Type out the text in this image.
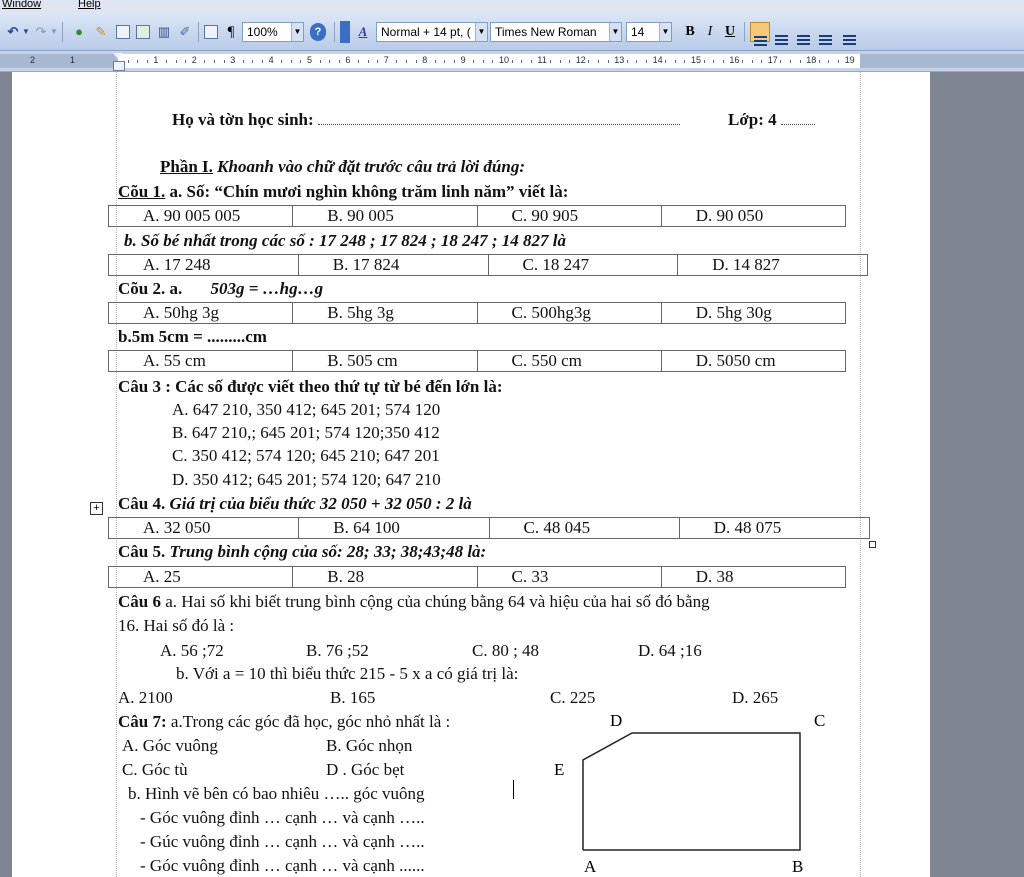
Window	Help
↶ ▼ ↷ ▼	● ✎	▥ ✐ ¶	100%	▼	?	A	Normal + 14 pt, ( ▼ Times New Roman	▼ 14	▼	B I U
2	1	1	2	3	4	5	6	7	8	9	10	11	12	13	14	15	16	17	18	19
Họ và tờn học sinh:	Lớp: 4
Phần I. Khoanh vào chữ đặt trước câu trả lời đúng:
Cõu 1. a. Số: “Chín mươi nghìn không trăm linh năm” viết là:
A. 90 005 005	B. 90 005	C. 90 905	D. 90 050
b. Số bé nhất trong các số : 17 248 ; 17 824 ; 18 247 ; 14 827 là
A. 17 248	B. 17 824	C. 18 247	D. 14 827
Cõu 2. a. 503g = …hg…g
A. 50hg 3g	B. 5hg 3g	C. 500hg3g	D. 5hg 30g
b.5m 5cm = .........cm
A. 55 cm	B. 505 cm	C. 550 cm	D. 5050 cm
Câu 3 : Các số được viết theo thứ tự từ bé đến lớn là:
A. 647 210, 350 412; 645 201; 574 120
B. 647 210,; 645 201; 574 120;350 412
C. 350 412; 574 120; 645 210; 647 201
D. 350 412; 645 201; 574 120; 647 210
+ Câu 4. Giá trị của biểu thức 32 050 + 32 050 : 2 là
A. 32 050	B. 64 100	C. 48 045	D. 48 075
Câu 5. Trung bình cộng của số: 28; 33; 38;43;48 là:
A. 25	B. 28	C. 33	D. 38
Câu 6 a. Hai số khi biết trung bình cộng của chúng bằng 64 và hiệu của hai số đó bằng
16. Hai số đó là :
A. 56 ;72	B. 76 ;52	C. 80 ; 48	D. 64 ;16
b. Với a = 10 thì biểu thức 215 - 5 x a có giá trị là:
A. 2100	B. 165	C. 225	D. 265
Câu 7: a.Trong các góc đã học, góc nhỏ nhất là :
A. Góc vuông	B. Góc nhọn
C. Góc tù	D . Góc bẹt
b. Hình vẽ bên có bao nhiêu ….. góc vuông
- Góc vuông đỉnh … cạnh … và cạnh …..
- Gúc vuông đỉnh … cạnh … và cạnh …..
- Góc vuông đỉnh … cạnh … và cạnh ......
D	C
E
A	B
